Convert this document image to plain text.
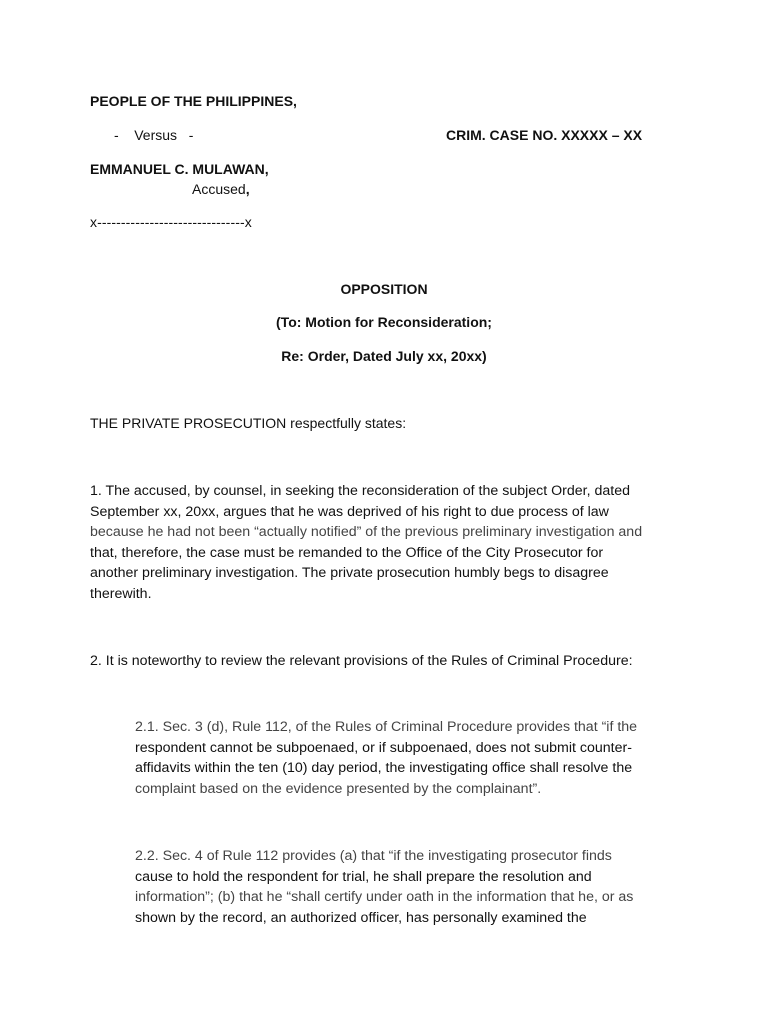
PEOPLE OF THE PHILIPPINES,
-    Versus   -	CRIM. CASE NO. XXXXX – XX
EMMANUEL C. MULAWAN,
Accused,
x-------------------------------x
OPPOSITION
(To: Motion for Reconsideration;
Re: Order, Dated July xx, 20xx)
THE PRIVATE PROSECUTION respectfully states:
1. The accused, by counsel, in seeking the reconsideration of the subject Order, dated
September xx, 20xx, argues that he was deprived of his right to due process of law
because he had not been “actually notified” of the previous preliminary investigation and
that, therefore, the case must be remanded to the Office of the City Prosecutor for
another preliminary investigation. The private prosecution humbly begs to disagree
therewith.
2. It is noteworthy to review the relevant provisions of the Rules of Criminal Procedure:
2.1. Sec. 3 (d), Rule 112, of the Rules of Criminal Procedure provides that “if the
respondent cannot be subpoenaed, or if subpoenaed, does not submit counter-
affidavits within the ten (10) day period, the investigating office shall resolve the
complaint based on the evidence presented by the complainant”.
2.2. Sec. 4 of Rule 112 provides (a) that “if the investigating prosecutor finds
cause to hold the respondent for trial, he shall prepare the resolution and
information”; (b) that he “shall certify under oath in the information that he, or as
shown by the record, an authorized officer, has personally examined the
